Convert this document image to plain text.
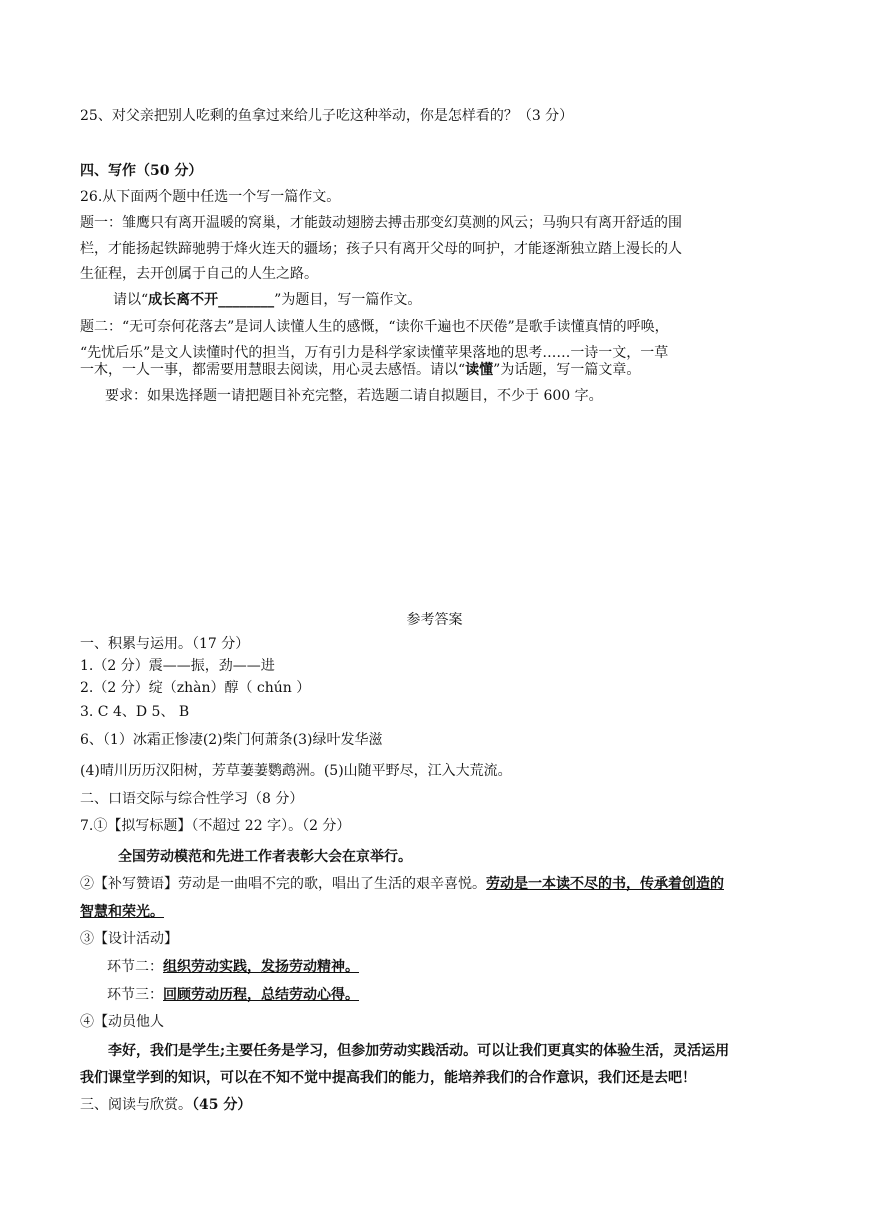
25、对父亲把别人吃剩的鱼拿过来给儿子吃这种举动，你是怎样看的？（3 分）
四、写作（50 分）
26.从下面两个题中任选一个写一篇作文。
题一：雏鹰只有离开温暖的窝巢，才能鼓动翅膀去搏击那变幻莫测的风云；马驹只有离开舒适的围
栏，才能扬起铁蹄驰骋于烽火连天的疆场；孩子只有离开父母的呵护，才能逐渐独立踏上漫长的人
生征程，去开创属于自己的人生之路。
请以“成长离不开________”为题目，写一篇作文。
题二：“无可奈何花落去”是词人读懂人生的感慨，“读你千遍也不厌倦”是歌手读懂真情的呼唤，
“先忧后乐”是文人读懂时代的担当，万有引力是科学家读懂苹果落地的思考……一诗一文，一草
一木，一人一事，都需要用慧眼去阅读，用心灵去感悟。请以“读懂”为话题，写一篇文章。
要求：如果选择题一请把题目补充完整，若选题二请自拟题目，不少于 600 字。
参考答案
一、积累与运用。（17 分）
1.（2 分）震——振，劲——进
2.（2 分）绽（zhàn）醇（ chún ）
3. C 4、D 5、 B
6、（1）冰霜正惨凄(2)柴门何萧条(3)绿叶发华滋
(4)晴川历历汉阳树，芳草萋萋鹦鹉洲。(5)山随平野尽，江入大荒流。
二、口语交际与综合性学习（8 分）
7.①【拟写标题】（不超过 22 字）。（2 分）
全国劳动模范和先进工作者表彰大会在京举行。
②【补写赞语】劳动是一曲唱不完的歌，唱出了生活的艰辛喜悦。劳动是一本读不尽的书，传承着创造的
智慧和荣光。
③【设计活动】
环节二：组织劳动实践，发扬劳动精神。
环节三：回顾劳动历程，总结劳动心得。
④【动员他人
李好，我们是学生;主要任务是学习，但参加劳动实践活动。可以让我们更真实的体验生活，灵活运用
我们课堂学到的知识，可以在不知不觉中提高我们的能力，能培养我们的合作意识，我们还是去吧！
三、阅读与欣赏。（45 分）
